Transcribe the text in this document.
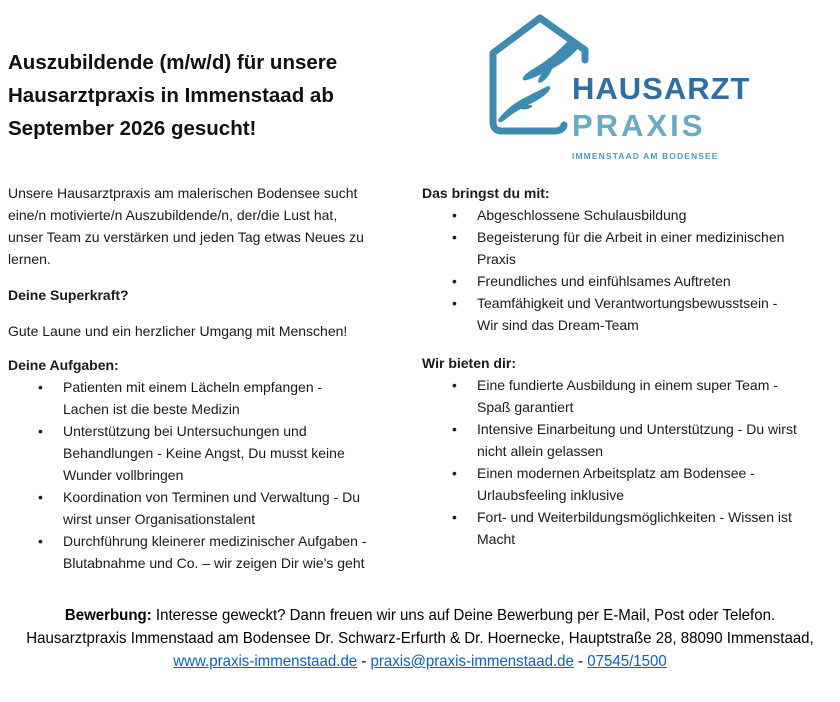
Auszubildende (m/w/d) für unsere
Hausarztpraxis in Immenstaad ab
September 2026 gesucht!
HAUSARZT
PRAXIS
IMMENSTAAD AM BODENSEE
Unsere Hausarztpraxis am malerischen Bodensee sucht
eine/n motivierte/n Auszubildende/n, der/die Lust hat,
unser Team zu verstärken und jeden Tag etwas Neues zu
lernen.
Deine Superkraft?
Gute Laune und ein herzlicher Umgang mit Menschen!
Deine Aufgaben:
• Patienten mit einem Lächeln empfangen -
Lachen ist die beste Medizin
• Unterstützung bei Untersuchungen und
Behandlungen - Keine Angst, Du musst keine
Wunder vollbringen
• Koordination von Terminen und Verwaltung - Du
wirst unser Organisationstalent
• Durchführung kleinerer medizinischer Aufgaben -
Blutabnahme und Co. – wir zeigen Dir wie's geht
Das bringst du mit:
• Abgeschlossene Schulausbildung
• Begeisterung für die Arbeit in einer medizinischen
Praxis
• Freundliches und einfühlsames Auftreten
• Teamfähigkeit und Verantwortungsbewusstsein -
Wir sind das Dream-Team
Wir bieten dir:
• Eine fundierte Ausbildung in einem super Team -
Spaß garantiert
• Intensive Einarbeitung und Unterstützung - Du wirst
nicht allein gelassen
• Einen modernen Arbeitsplatz am Bodensee -
Urlaubsfeeling inklusive
• Fort- und Weiterbildungsmöglichkeiten - Wissen ist
Macht
Bewerbung: Interesse geweckt? Dann freuen wir uns auf Deine Bewerbung per E-Mail, Post oder Telefon.
Hausarztpraxis Immenstaad am Bodensee Dr. Schwarz-Erfurth & Dr. Hoernecke, Hauptstraße 28, 88090 Immenstaad,
www.praxis-immenstaad.de - praxis@praxis-immenstaad.de - 07545/1500
